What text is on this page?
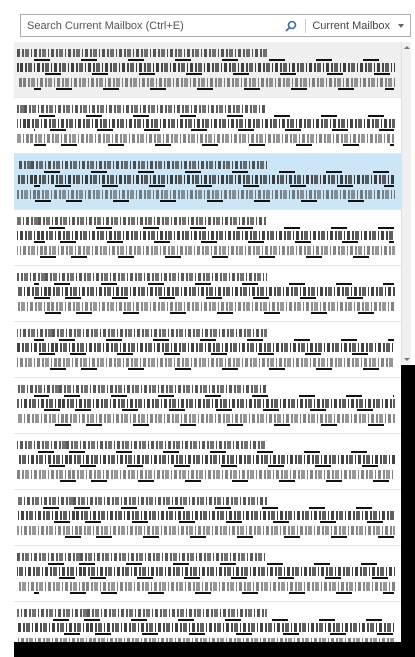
Search Current Mailbox (Ctrl+E)
Current Mailbox
